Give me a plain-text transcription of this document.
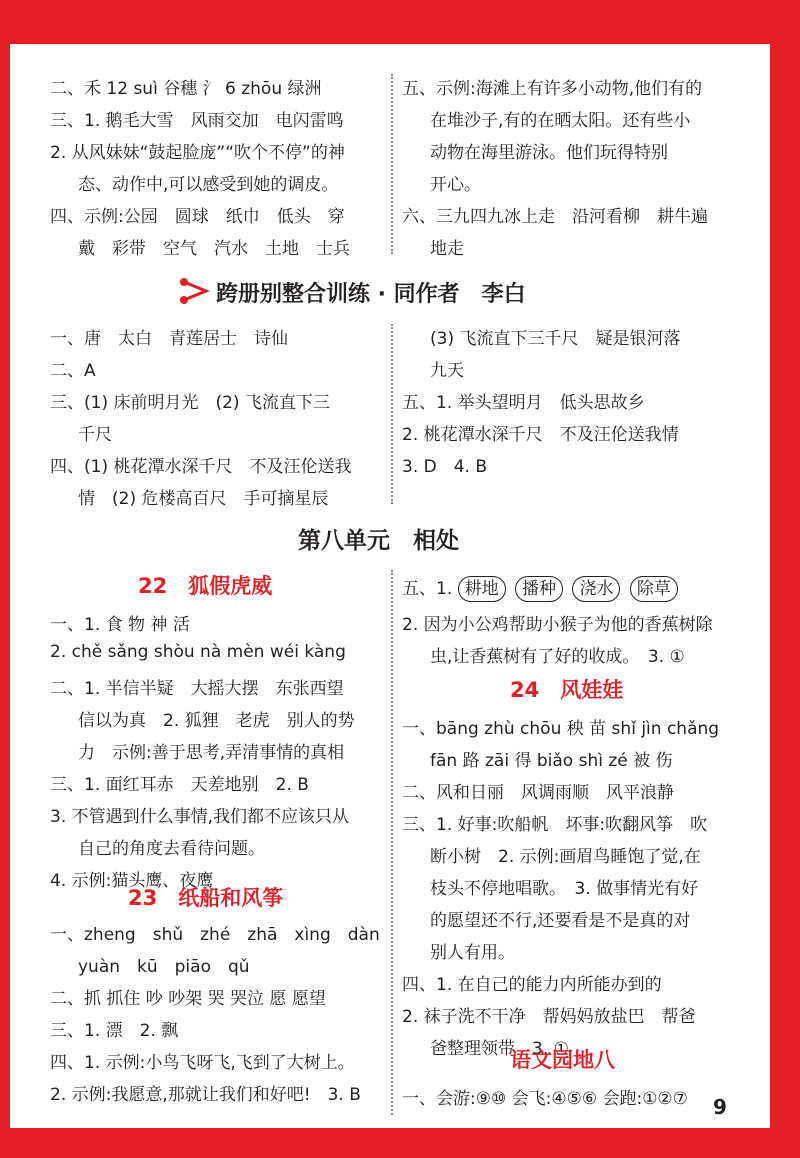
二、禾 12 suì 谷穗 氵 6 zhōu 绿洲
三、1. 鹅毛大雪　风雨交加　电闪雷鸣
2. 从风妹妹“鼓起脸庞”“吹个不停”的神
态、动作中,可以感受到她的调皮。
四、示例:公园　圆球　纸巾　低头　穿
戴　彩带　空气　汽水　土地　士兵
五、示例:海滩上有许多小动物,他们有的
在堆沙子,有的在晒太阳。还有些小
动物在海里游泳。他们玩得特别
开心。
六、三九四九冰上走　沿河看柳　耕牛遍
地走
跨册别整合训练 · 同作者　李白
一、唐　太白　青莲居士　诗仙
二、A
三、(1) 床前明月光　(2) 飞流直下三
千尺
四、(1) 桃花潭水深千尺　不及汪伦送我
情　(2) 危楼高百尺　手可摘星辰
(3) 飞流直下三千尺　疑是银河落
九天
五、1. 举头望明月　低头思故乡
2. 桃花潭水深千尺　不及汪伦送我情
3. D　4. B
第八单元　相处
22　狐假虎威
一、1. 食 物 神 活
2. chě sǎng shòu nà mèn wéi kàng
二、1. 半信半疑　大摇大摆　东张西望
信以为真　2. 狐狸　老虎　别人的势
力　示例:善于思考,弄清事情的真相
三、1. 面红耳赤　天差地别　2. B
3. 不管遇到什么事情,我们都不应该只从
自己的角度去看待问题。
4. 示例:猫头鹰、夜鹰
23　纸船和风筝
一、zheng　shǔ　zhé　zhā　xìng　dàn
yuàn　kū　piāo　qǔ
二、抓 抓住 吵 吵架 哭 哭泣 愿 愿望
三、1. 漂　2. 飘
四、1. 示例:小鸟飞呀飞,飞到了大树上。
2. 示例:我愿意,那就让我们和好吧!　3. B
五、1. 耕地 播种 浇水 除草
2. 因为小公鸡帮助小猴子为他的香蕉树除
虫,让香蕉树有了好的收成。　3. ①
24　风娃娃
一、bāng zhù chōu 秧 苗 shǐ jìn chǎng
fān 路 zāi 得 biǎo shì zé 被 伤
二、风和日丽　风调雨顺　风平浪静
三、1. 好事:吹船帆　坏事:吹翻风筝　吹
断小树　2. 示例:画眉鸟睡饱了觉,在
枝头不停地唱歌。　3. 做事情光有好
的愿望还不行,还要看是不是真的对
别人有用。
四、1. 在自己的能力内所能办到的
2. 袜子洗不干净　帮妈妈放盐巴　帮爸
爸整理领带　3. ①
语文园地八
一、会游:⑨⑩ 会飞:④⑤⑥ 会跑:①②⑦ 9
